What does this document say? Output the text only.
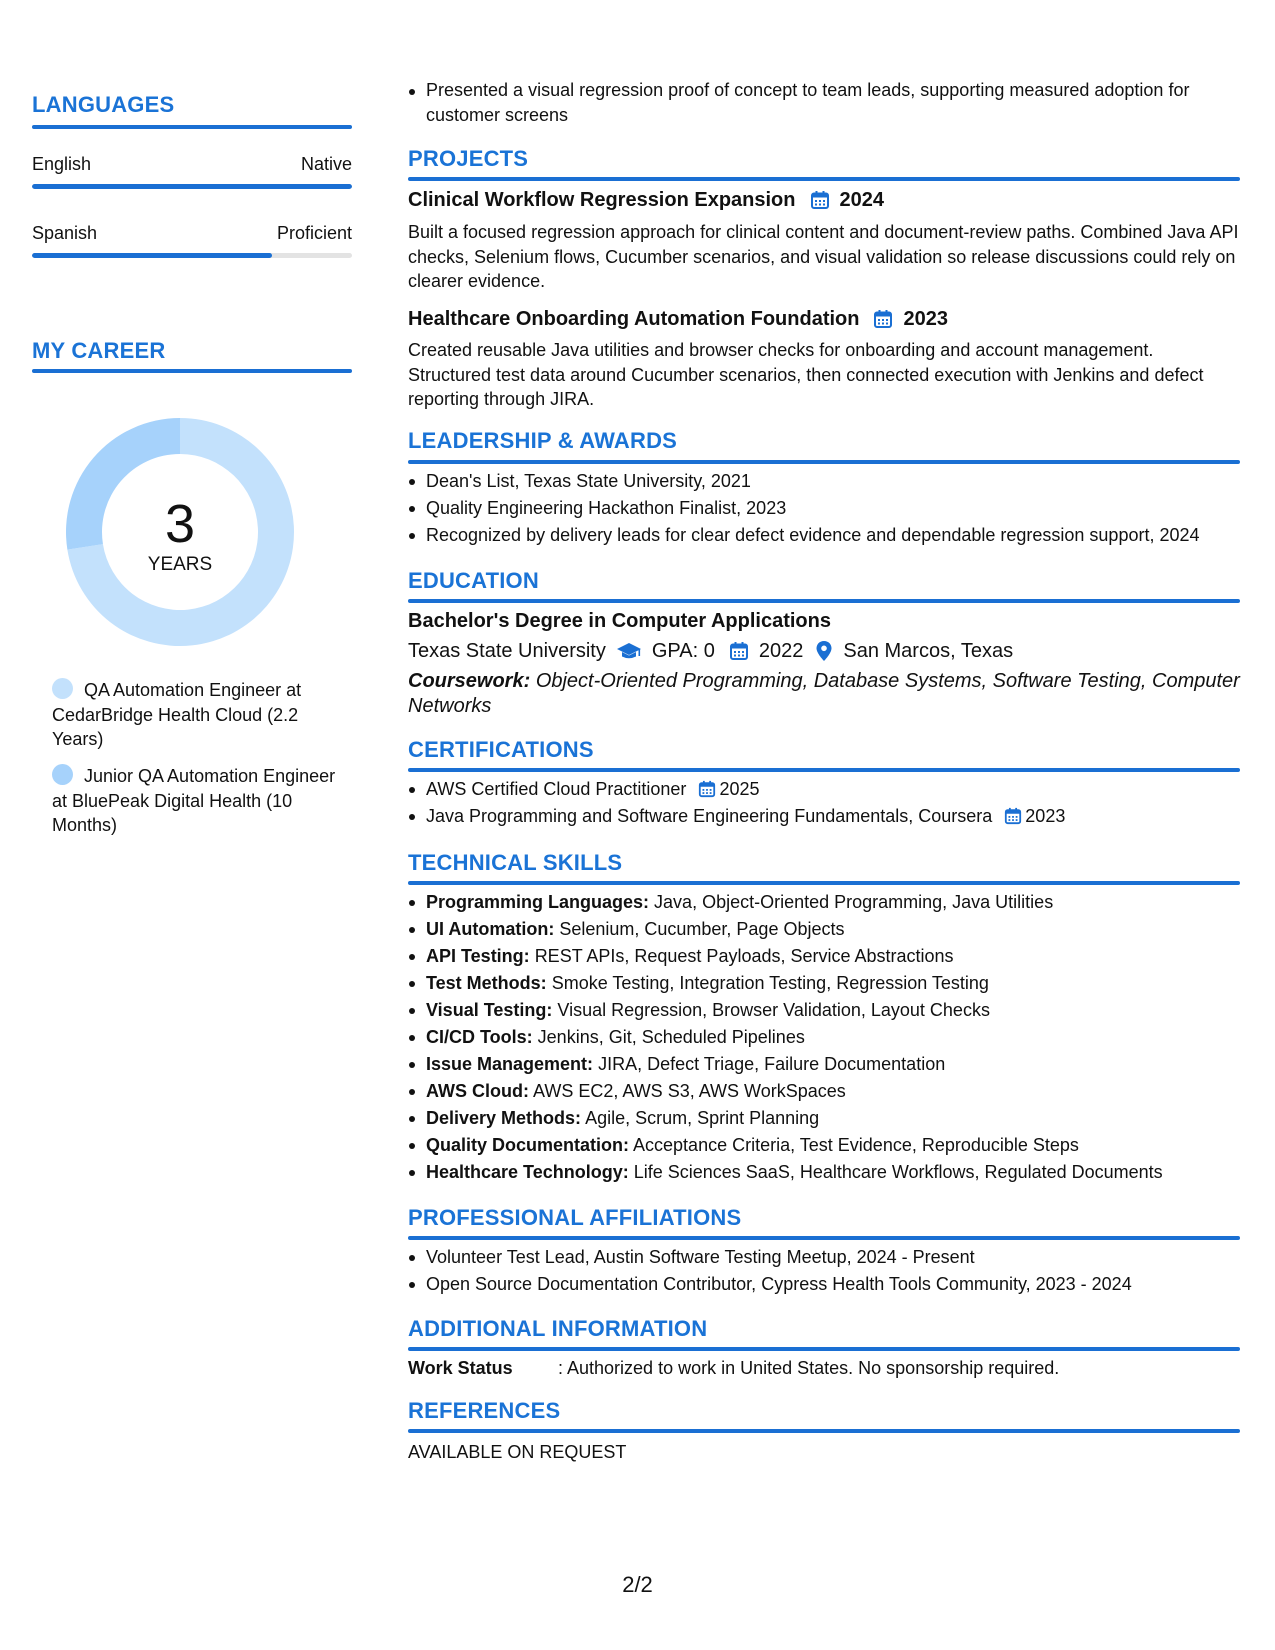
LANGUAGES
English	Native
Spanish	Proficient
MY CAREER
3
YEARS
QA Automation Engineer at CedarBridge Health Cloud (2.2 Years)
Junior QA Automation Engineer at BluePeak Digital Health (10 Months)
Presented a visual regression proof of concept to team leads, supporting measured adoption for customer screens
PROJECTS
Clinical Workflow Regression Expansion 2024
Built a focused regression approach for clinical content and document-review paths. Combined Java API checks, Selenium flows, Cucumber scenarios, and visual validation so release discussions could rely on clearer evidence.
Healthcare Onboarding Automation Foundation 2023
Created reusable Java utilities and browser checks for onboarding and account management. Structured test data around Cucumber scenarios, then connected execution with Jenkins and defect reporting through JIRA.
LEADERSHIP & AWARDS
Dean's List, Texas State University, 2021
Quality Engineering Hackathon Finalist, 2023
Recognized by delivery leads for clear defect evidence and dependable regression support, 2024
EDUCATION
Bachelor's Degree in Computer Applications
Texas State University GPA: 0 2022 San Marcos, Texas
Coursework: Object-Oriented Programming, Database Systems, Software Testing, Computer Networks
CERTIFICATIONS
AWS Certified Cloud Practitioner 2025
Java Programming and Software Engineering Fundamentals, Coursera 2023
TECHNICAL SKILLS
Programming Languages: Java, Object-Oriented Programming, Java Utilities
UI Automation: Selenium, Cucumber, Page Objects
API Testing: REST APIs, Request Payloads, Service Abstractions
Test Methods: Smoke Testing, Integration Testing, Regression Testing
Visual Testing: Visual Regression, Browser Validation, Layout Checks
CI/CD Tools: Jenkins, Git, Scheduled Pipelines
Issue Management: JIRA, Defect Triage, Failure Documentation
AWS Cloud: AWS EC2, AWS S3, AWS WorkSpaces
Delivery Methods: Agile, Scrum, Sprint Planning
Quality Documentation: Acceptance Criteria, Test Evidence, Reproducible Steps
Healthcare Technology: Life Sciences SaaS, Healthcare Workflows, Regulated Documents
PROFESSIONAL AFFILIATIONS
Volunteer Test Lead, Austin Software Testing Meetup, 2024 - Present
Open Source Documentation Contributor, Cypress Health Tools Community, 2023 - 2024
ADDITIONAL INFORMATION
Work Status	: Authorized to work in United States. No sponsorship required.
REFERENCES
AVAILABLE ON REQUEST
2/2
